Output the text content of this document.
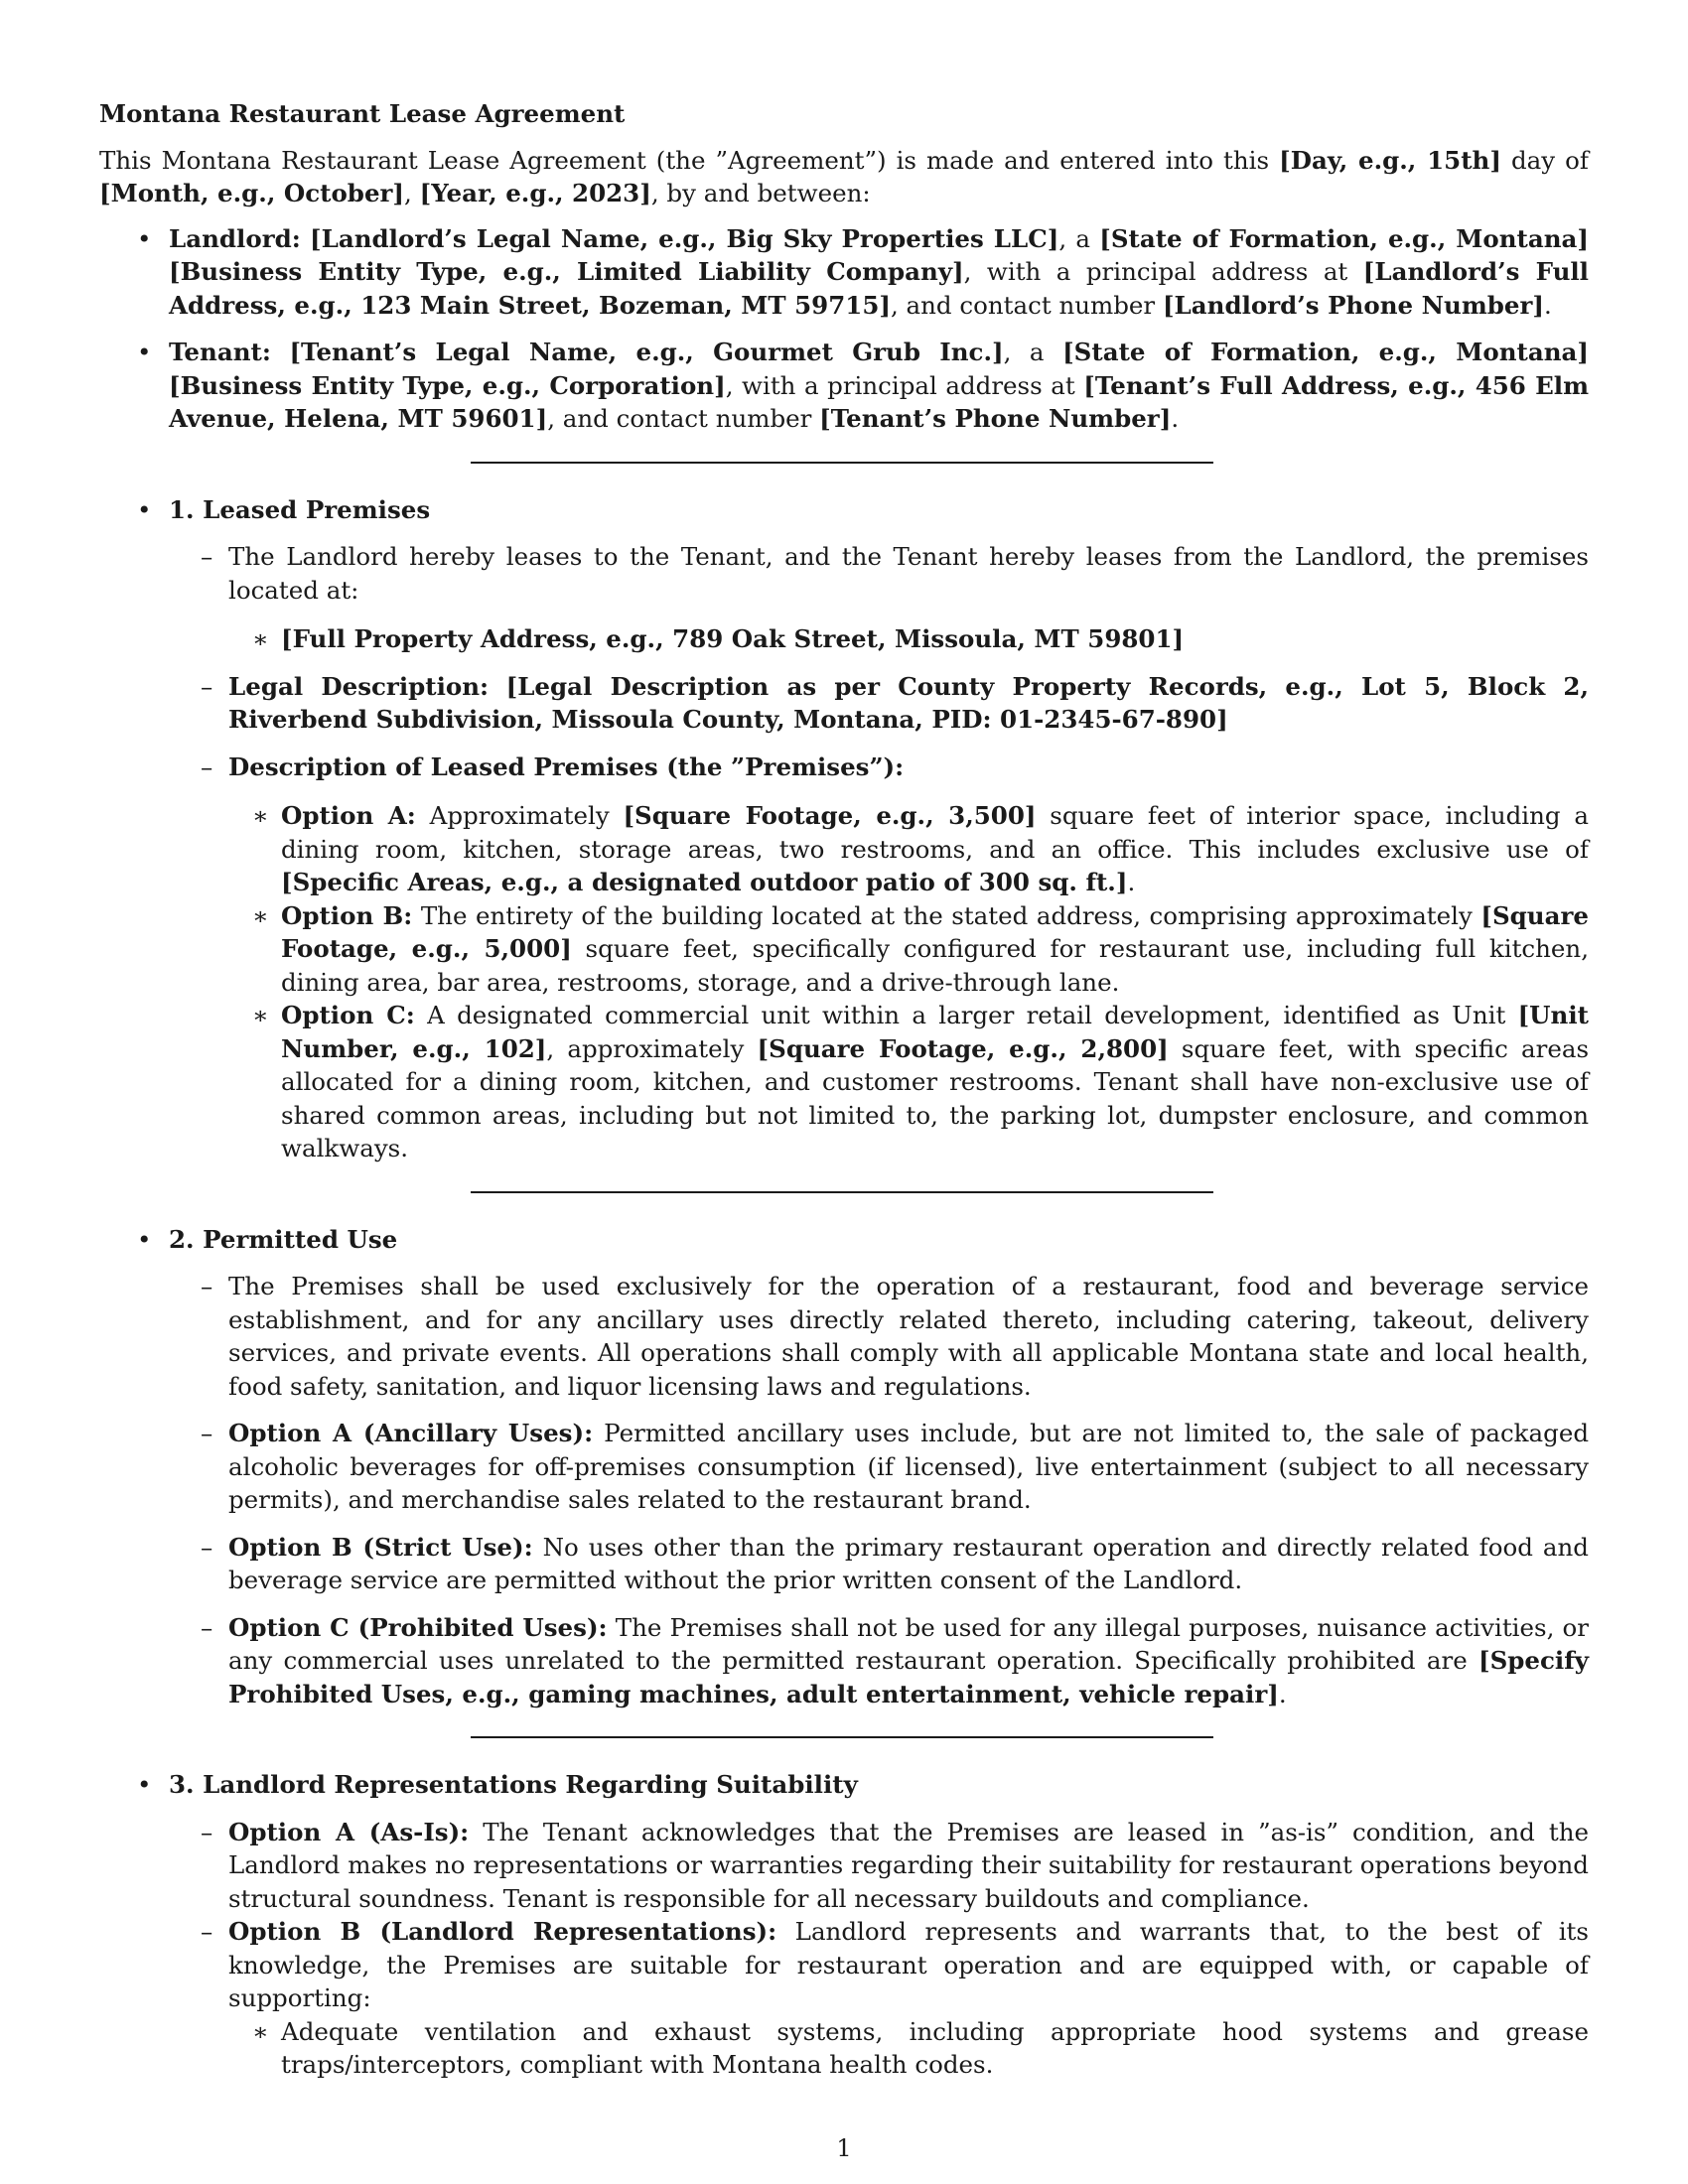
Montana Restaurant Lease Agreement
This Montana Restaurant Lease Agreement (the ”Agreement”) is made and entered into this [Day, e.g., 15th] day of [Month, e.g., October], [Year, e.g., 2023], by and between:
• Landlord: [Landlord’s Legal Name, e.g., Big Sky Properties LLC], a [State of Formation, e.g., Montana] [Business Entity Type, e.g., Limited Liability Company], with a principal address at [Landlord’s Full Address, e.g., 123 Main Street, Bozeman, MT 59715], and contact number [Landlord’s Phone Number].
• Tenant: [Tenant’s Legal Name, e.g., Gourmet Grub Inc.], a [State of Formation, e.g., Montana] [Business Entity Type, e.g., Corporation], with a principal address at [Tenant’s Full Address, e.g., 456 Elm Avenue, Helena, MT 59601], and contact number [Tenant’s Phone Number].
• 1. Leased Premises
– The Landlord hereby leases to the Tenant, and the Tenant hereby leases from the Landlord, the premises located at:
∗ [Full Property Address, e.g., 789 Oak Street, Missoula, MT 59801]
– Legal Description: [Legal Description as per County Property Records, e.g., Lot 5, Block 2, Riverbend Subdivision, Missoula County, Montana, PID: 01-2345-67-890]
– Description of Leased Premises (the ”Premises”):
∗ Option A: Approximately [Square Footage, e.g., 3,500] square feet of interior space, including a dining room, kitchen, storage areas, two restrooms, and an office. This includes exclusive use of [Specific Areas, e.g., a designated outdoor patio of 300 sq. ft.].
∗ Option B: The entirety of the building located at the stated address, comprising approximately [Square Footage, e.g., 5,000] square feet, specifically configured for restaurant use, including full kitchen, dining area, bar area, restrooms, storage, and a drive-through lane.
∗ Option C: A designated commercial unit within a larger retail development, identified as Unit [Unit Number, e.g., 102], approximately [Square Footage, e.g., 2,800] square feet, with specific areas allocated for a dining room, kitchen, and customer restrooms. Tenant shall have non-exclusive use of shared common areas, including but not limited to, the parking lot, dumpster enclosure, and common walkways.
• 2. Permitted Use
– The Premises shall be used exclusively for the operation of a restaurant, food and beverage service establishment, and for any ancillary uses directly related thereto, including catering, takeout, delivery services, and private events. All operations shall comply with all applicable Montana state and local health, food safety, sanitation, and liquor licensing laws and regulations.
– Option A (Ancillary Uses): Permitted ancillary uses include, but are not limited to, the sale of packaged alcoholic beverages for off-premises consumption (if licensed), live entertainment (subject to all necessary permits), and merchandise sales related to the restaurant brand.
– Option B (Strict Use): No uses other than the primary restaurant operation and directly related food and beverage service are permitted without the prior written consent of the Landlord.
– Option C (Prohibited Uses): The Premises shall not be used for any illegal purposes, nuisance activities, or any commercial uses unrelated to the permitted restaurant operation. Specifically prohibited are [Specify Prohibited Uses, e.g., gaming machines, adult entertainment, vehicle repair].
• 3. Landlord Representations Regarding Suitability
– Option A (As-Is): The Tenant acknowledges that the Premises are leased in ”as-is” condition, and the Landlord makes no representations or warranties regarding their suitability for restaurant operations beyond structural soundness. Tenant is responsible for all necessary buildouts and compliance.
– Option B (Landlord Representations): Landlord represents and warrants that, to the best of its knowledge, the Premises are suitable for restaurant operation and are equipped with, or capable of supporting:
∗ Adequate ventilation and exhaust systems, including appropriate hood systems and grease traps/interceptors, compliant with Montana health codes.
1
